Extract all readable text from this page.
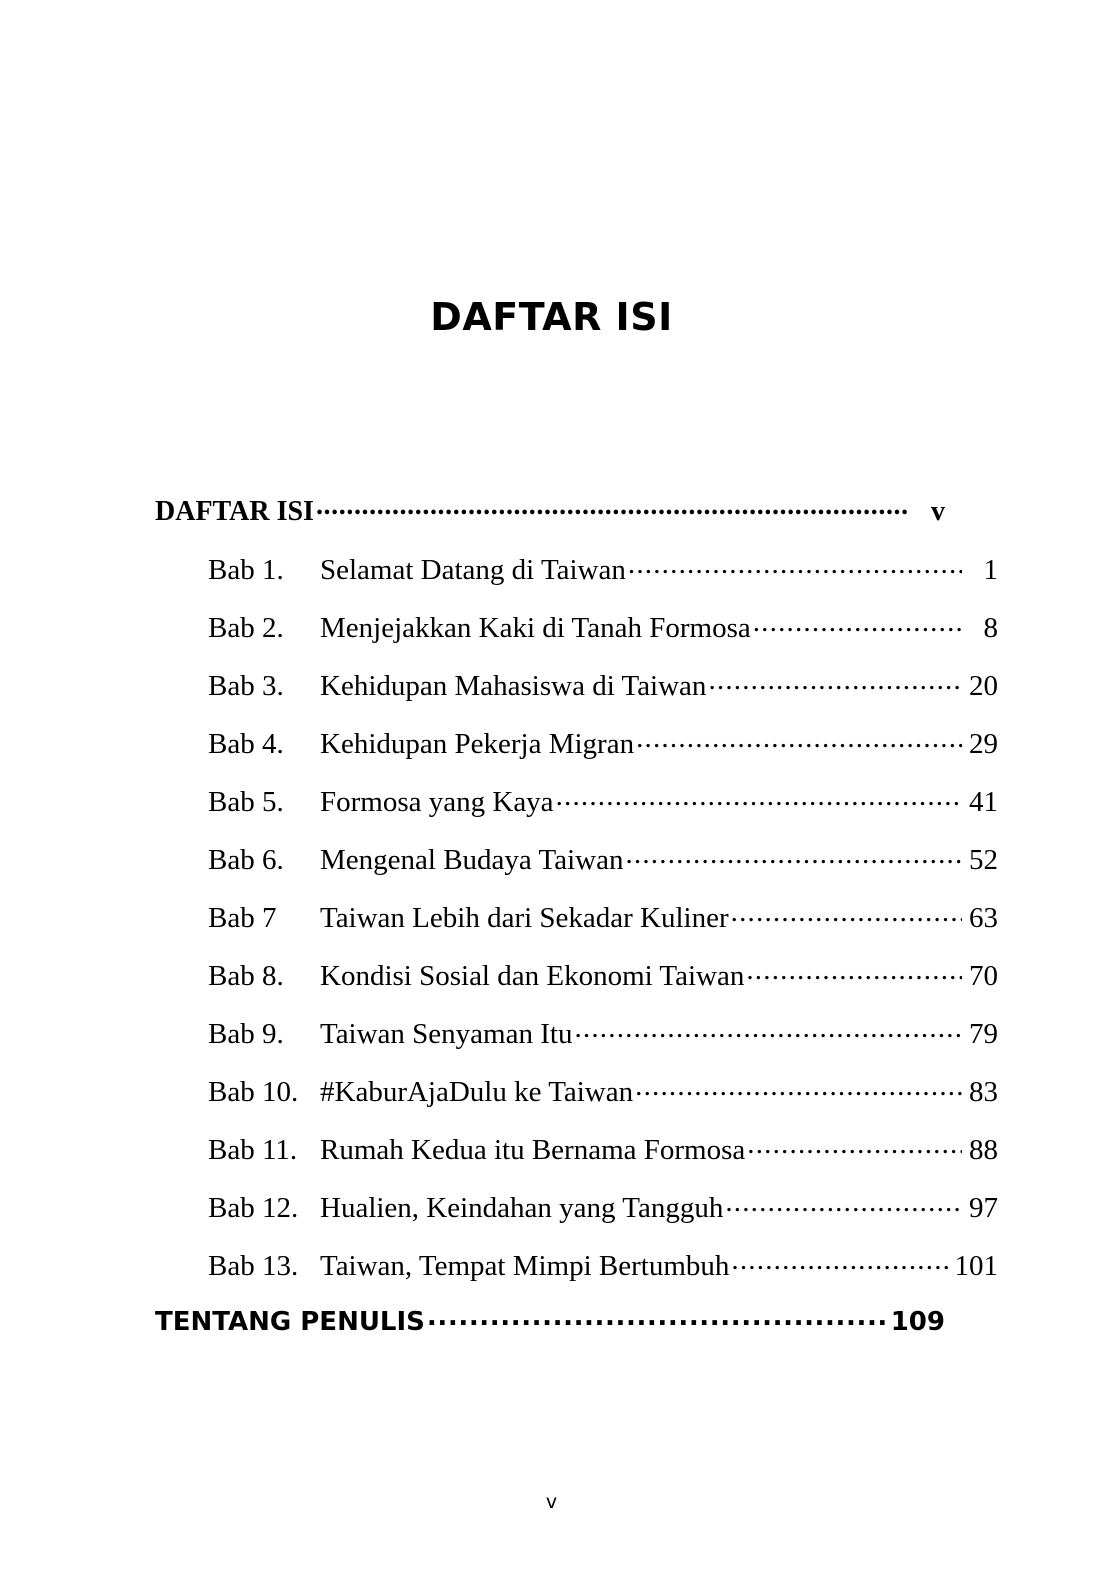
DAFTAR ISI
DAFTAR ISI .....	v
Bab 1.	Selamat Datang di Taiwan .....	1
Bab 2.	Menjejakkan Kaki di Tanah Formosa .....	8
Bab 3.	Kehidupan Mahasiswa di Taiwan .....	20
Bab 4.	Kehidupan Pekerja Migran .....	29
Bab 5.	Formosa yang Kaya .....	41
Bab 6.	Mengenal Budaya Taiwan .....	52
Bab 7	Taiwan Lebih dari Sekadar Kuliner .....	63
Bab 8.	Kondisi Sosial dan Ekonomi Taiwan .....	70
Bab 9.	Taiwan Senyaman Itu .....	79
Bab 10. #KaburAjaDulu ke Taiwan .....	83
Bab 11. Rumah Kedua itu Bernama Formosa .....	88
Bab 12. Hualien, Keindahan yang Tangguh .....	97
Bab 13. Taiwan, Tempat Mimpi Bertumbuh .....	101
TENTANG PENULIS .....	109
v
